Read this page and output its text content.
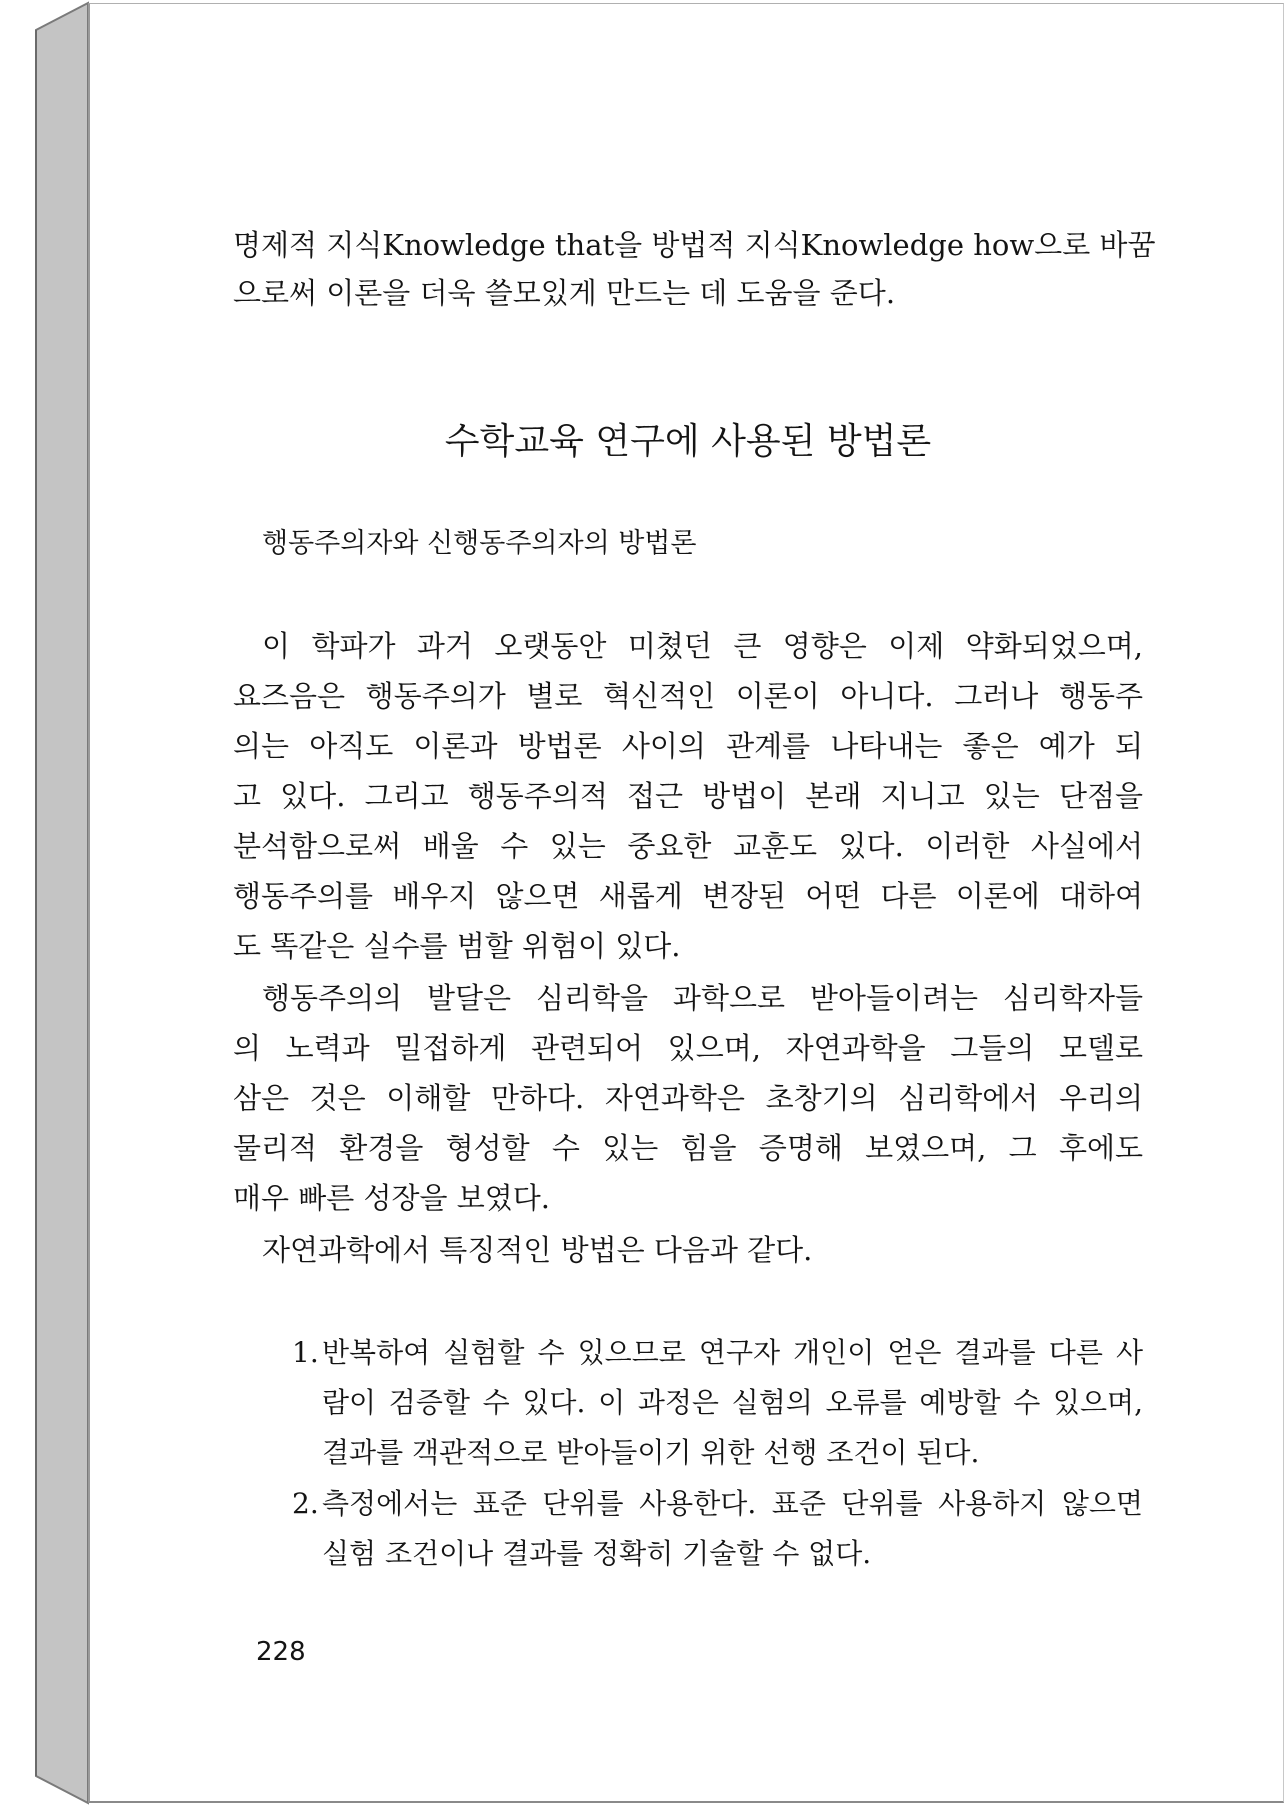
명제적 지식Knowledge that을 방법적 지식Knowledge how으로 바꿈
으로써 이론을 더욱 쓸모있게 만드는 데 도움을 준다.
수학교육 연구에 사용된 방법론
행동주의자와 신행동주의자의 방법론
이 학파가 과거 오랫동안 미쳤던 큰 영향은 이제 약화되었으며,
요즈음은 행동주의가 별로 혁신적인 이론이 아니다. 그러나 행동주
의는 아직도 이론과 방법론 사이의 관계를 나타내는 좋은 예가 되
고 있다. 그리고 행동주의적 접근 방법이 본래 지니고 있는 단점을
분석함으로써 배울 수 있는 중요한 교훈도 있다. 이러한 사실에서
행동주의를 배우지 않으면 새롭게 변장된 어떤 다른 이론에 대하여
도 똑같은 실수를 범할 위험이 있다.
행동주의의 발달은 심리학을 과학으로 받아들이려는 심리학자들
의 노력과 밀접하게 관련되어 있으며, 자연과학을 그들의 모델로
삼은 것은 이해할 만하다. 자연과학은 초창기의 심리학에서 우리의
물리적 환경을 형성할 수 있는 힘을 증명해 보였으며, 그 후에도
매우 빠른 성장을 보였다.
자연과학에서 특징적인 방법은 다음과 같다.
1. 반복하여 실험할 수 있으므로 연구자 개인이 얻은 결과를 다른 사
람이 검증할 수 있다. 이 과정은 실험의 오류를 예방할 수 있으며,
결과를 객관적으로 받아들이기 위한 선행 조건이 된다.
2. 측정에서는 표준 단위를 사용한다. 표준 단위를 사용하지 않으면
실험 조건이나 결과를 정확히 기술할 수 없다.
228
